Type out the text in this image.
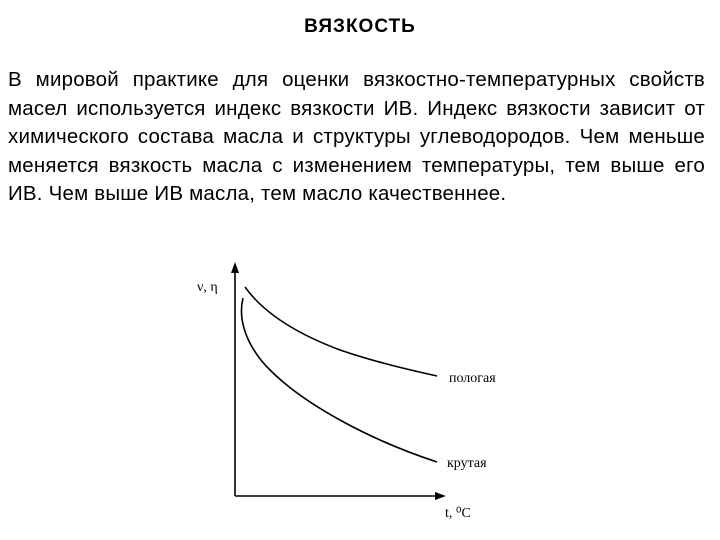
ВЯЗКОСТЬ
В мировой практике для оценки вязкостно-температурных свойств масел используется индекс вязкости ИВ. Индекс вязкости зависит от химического состава масла и структуры углеводородов. Чем меньше меняется вязкость масла с изменением температуры, тем выше его ИВ. Чем выше ИВ масла, тем масло качественнее.
ν, η
t, ⁰C
пологая
крутая
